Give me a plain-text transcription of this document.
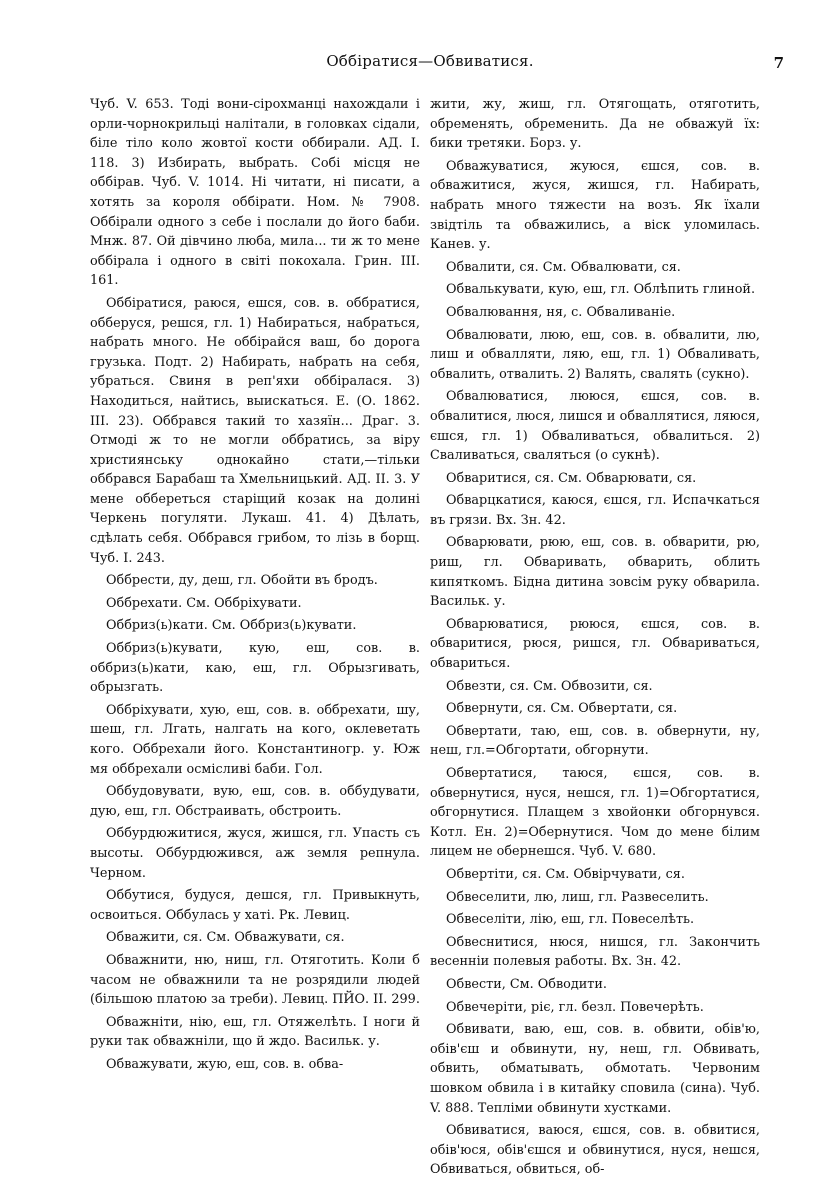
Оббіратися—Обвиватися.	7

Чуб. V. 653. Тоді вони-сірохманці нахождали і орли-чорнокрильці налітали, в головках сідали, біле тіло коло жовтої кости оббирали. АД. І. 118. 3) Избирать, выбрать. Собі місця не оббірав. Чуб. V. 1014. Ні читати, ні писати, а хотять за короля оббірати. Ном. № 7908. Оббірали одного з себе і послали до його баби. Мнж. 87. Ой дівчино люба, мила... ти ж то мене оббірала і одного в світі покохала. Грин. III. 161.

Оббіратися, раюся, ешся, сов. в. оббратися, обберуся, решся, гл. 1) Набираться, набраться, набрать много. Не оббірайся ваш, бо дорога грузька. Подт. 2) Набирать, набрать на себя, убраться. Свиня в реп'яхи оббіралася. 3) Находиться, найтись, выискаться. Е. (О. 1862. III. 23). Оббрався такий то хазяїн... Драг. 3. Отмоді ж то не могли оббратись, за віру християнську однокайно стати,—тільки оббрався Барабаш та Хмельницький. АД. II. 3. У мене оббереться старіщий козак на долині Черкень погуляти. Лукаш. 41. 4) Дѣлать, сдѣлать себя. Оббрався грибом, то лізь в борщ. Чуб. І. 243.

Оббрести, ду, деш, гл. Обойти въ бродъ.

Оббрехати. См. Оббріхувати.

Оббриз(ь)кати. См. Оббриз(ь)кувати.

Оббриз(ь)кувати, кую, еш, сов. в. оббриз(ь)кати, каю, еш, гл. Обрызгивать, обрызгать.

Оббріхувати, хую, еш, сов. в. оббрехати, шу, шеш, гл. Лгать, налгать на кого, оклеветать кого. Оббрехали його. Константиногр. у. Юж мя оббрехали осмісливі баби. Гол.

Оббудовувати, вую, еш, сов. в. оббудувати, дую, еш, гл. Обстраивать, обстроить.

Оббурдюжитися, жуся, жишся, гл. Упасть съ высоты. Оббурдюжився, аж земля репнула. Черном.

Оббутися, будуся, дешся, гл. Привыкнуть, освоиться. Оббулась у хаті. Рк. Левиц.

Обважити, ся. См. Обважувати, ся.

Обважнити, ню, ниш, гл. Отяготить. Коли б часом не обважнили та не розрядили людей (більшою платою за треби). Левиц. ПЙО. II. 299.

Обважніти, нію, еш, гл. Отяжелѣть. І ноги й руки так обважніли, що й ждо. Васильк. у.

Обважувати, жую, еш, сов. в. обва-

жити, жу, жиш, гл. Отягощать, отяготить, обременять, обременить. Да не обважуй їх: бики третяки. Борз. у.

Обважуватися, жуюся, єшся, сов. в. обважитися, жуся, жишся, гл. Набирать, набрать много тяжести на возъ. Як їхали звідтіль та обважились, а віск уломилась. Канев. у.

Обвалити, ся. См. Обвалювати, ся.

Обвалькувати, кую, еш, гл. Облѣпить глиной.

Обвалювання, ня, с. Обваливаніе.

Обвалювати, люю, еш, сов. в. обвалити, лю, лиш и обвалляти, ляю, еш, гл. 1) Обваливать, обвалить, отвалить. 2) Валять, свалять (сукно).

Обвалюватися, лююся, єшся, сов. в. обвалитися, люся, лишся и обваллятися, ляюся, єшся, гл. 1) Обваливаться, обвалиться. 2) Сваливаться, сваляться (о сукнѣ).

Обваритися, ся. См. Обварювати, ся.

Обварцкатися, каюся, єшся, гл. Испачкаться въ грязи. Вх. Зн. 42.

Обварювати, рюю, еш, сов. в. обварити, рю, риш, гл. Обваривать, обварить, облить кипяткомъ. Бідна дитина зовсім руку обварила. Васильк. у.

Обварюватися, рююся, єшся, сов. в. обваритися, рюся, ришся, гл. Обвариваться, обвариться.

Обвезти, ся. См. Обвозити, ся.

Обвернути, ся. См. Обвертати, ся.

Обвертати, таю, еш, сов. в. обвернути, ну, неш, гл.=Обгортати, обгорнути.

Обвертатися, таюся, єшся, сов. в. обвернутися, нуся, нешся, гл. 1)=Обгортатися, обгорнутися. Плащем з хвойонки обгорнувся. Котл. Ен. 2)=Обернутися. Чом до мене білим лицем не обернешся. Чуб. V. 680.

Обвертіти, ся. См. Обвірчувати, ся.

Обвеселити, лю, лиш, гл. Развеселить.

Обвеселіти, лію, еш, гл. Повеселѣть.

Обвеснитися, нюся, нишся, гл. Закончить весенніи полевыя работы. Вх. Зн. 42.

Обвести, См. Обводити.

Обвечеріти, ріє, гл. безл. Повечерѣть.

Обвивати, ваю, еш, сов. в. обвити, обів'ю, обів'єш и обвинути, ну, неш, гл. Обвивать, обвить, обматывать, обмотать. Червоним шовком обвила і в китайку сповила (сина). Чуб. V. 888. Тепліми обвинути хустками.

Обвиватися, ваюся, єшся, сов. в. обвитися, обів'юся, обів'єшся и обвинутися, нуся, нешся, Обвиваться, обвиться, об-
